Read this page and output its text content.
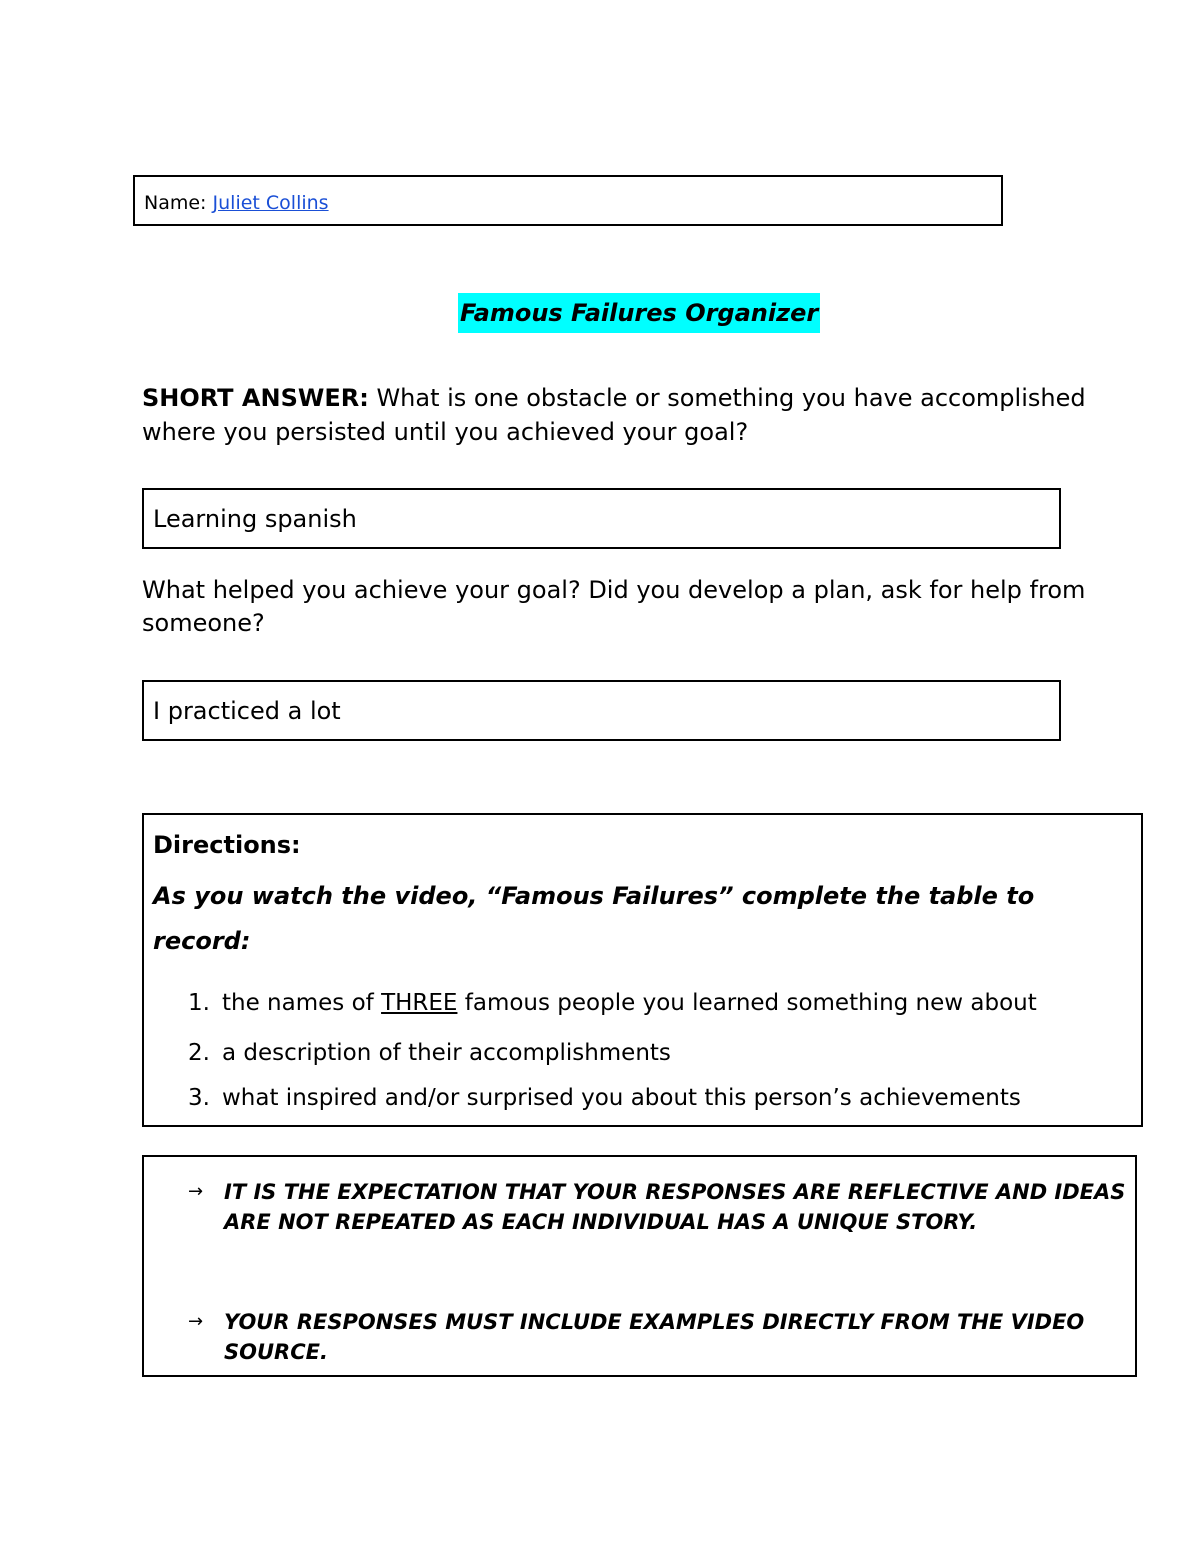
Name: Juliet Collins
Famous Failures Organizer
SHORT ANSWER: What is one obstacle or something you have accomplished where you persisted until you achieved your goal?
Learning spanish
What helped you achieve your goal? Did you develop a plan, ask for help from someone?
I practiced a lot
Directions:
As you watch the video, “Famous Failures” complete the table to record:
1. the names of THREE famous people you learned something new about
2. a description of their accomplishments
3. what inspired and/or surprised you about this person’s achievements
→ IT IS THE EXPECTATION THAT YOUR RESPONSES ARE REFLECTIVE AND IDEAS ARE NOT REPEATED AS EACH INDIVIDUAL HAS A UNIQUE STORY.
→ YOUR RESPONSES MUST INCLUDE EXAMPLES DIRECTLY FROM THE VIDEO SOURCE.
